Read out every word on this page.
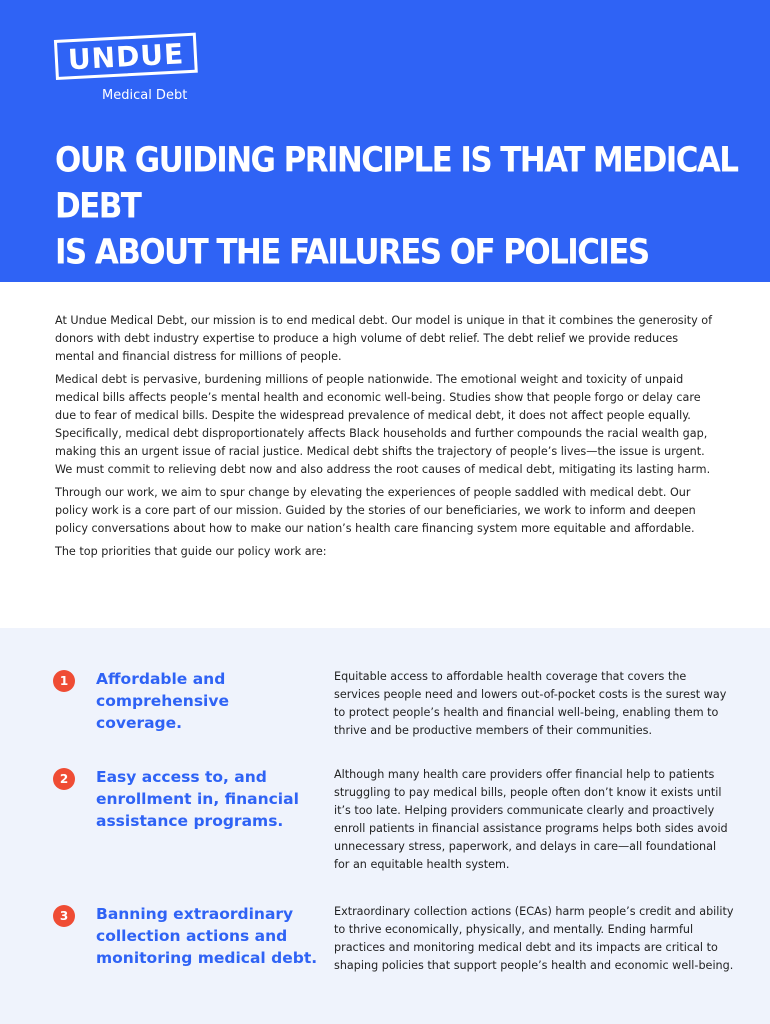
UNDUE
Medical Debt
OUR GUIDING PRINCIPLE IS THAT MEDICAL DEBT
IS ABOUT THE FAILURES OF POLICIES
AND SYSTEMS, NOT PEOPLE.

At Undue Medical Debt, our mission is to end medical debt. Our model is unique in that it combines the generosity of donors with debt industry expertise to produce a high volume of debt relief. The debt relief we provide reduces mental and financial distress for millions of people.

Medical debt is pervasive, burdening millions of people nationwide. The emotional weight and toxicity of unpaid medical bills affects people’s mental health and economic well-being. Studies show that people forgo or delay care due to fear of medical bills. Despite the widespread prevalence of medical debt, it does not affect people equally. Specifically, medical debt disproportionately affects Black households and further compounds the racial wealth gap, making this an urgent issue of racial justice. Medical debt shifts the trajectory of people’s lives—the issue is urgent. We must commit to relieving debt now and also address the root causes of medical debt, mitigating its lasting harm.

Through our work, we aim to spur change by elevating the experiences of people saddled with medical debt. Our policy work is a core part of our mission. Guided by the stories of our beneficiaries, we work to inform and deepen policy conversations about how to make our nation’s health care financing system more equitable and affordable.

The top priorities that guide our policy work are:

1	Affordable and comprehensive coverage.

Equitable access to affordable health coverage that covers the services people need and lowers out-of-pocket costs is the surest way to protect people’s health and financial well-being, enabling them to thrive and be productive members of their communities.

2	Easy access to, and enrollment in, financial assistance programs.

Although many health care providers offer financial help to patients struggling to pay medical bills, people often don’t know it exists until it’s too late. Helping providers communicate clearly and proactively enroll patients in financial assistance programs helps both sides avoid unnecessary stress, paperwork, and delays in care—all foundational for an equitable health system.

3	Banning extraordinary collection actions and monitoring medical debt.

Extraordinary collection actions (ECAs) harm people’s credit and ability to thrive economically, physically, and mentally. Ending harmful practices and monitoring medical debt and its impacts are critical to shaping policies that support people’s health and economic well-being.
